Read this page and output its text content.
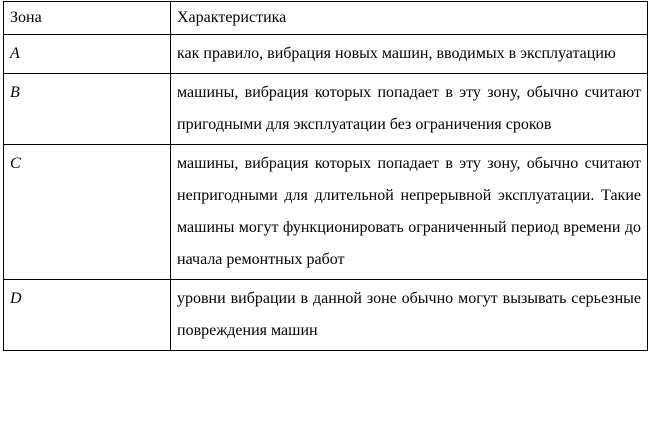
Зона	Характеристика
A	как правило, вибрация новых машин, вводимых в эксплуатацию
B	машины, вибрация которых попадает в эту зону, обычно считают пригодными для эксплуатации без ограничения сроков
C	машины, вибрация которых попадает в эту зону, обычно считают непригодными для длительной непрерывной эксплуатации. Такие машины могут функционировать ограниченный период времени до начала ремонтных работ
D	уровни вибрации в данной зоне обычно могут вызывать серьезные повреждения машин
